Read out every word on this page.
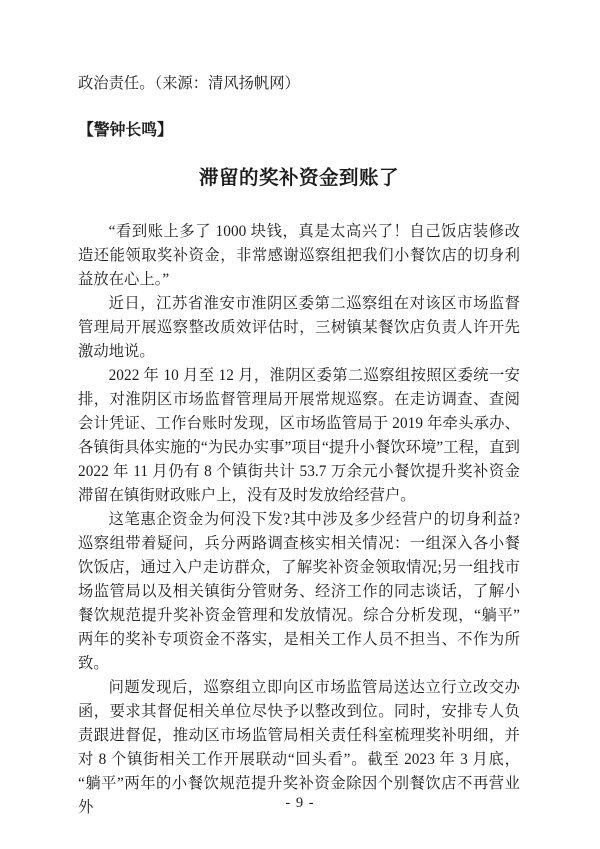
政治责任。（来源：清风扬帆网）

【警钟长鸣】

滞留的奖补资金到账了

“看到账上多了 1000 块钱，真是太高兴了！自己饭店装修改造还能领取奖补资金，非常感谢巡察组把我们小餐饮店的切身利益放在心上。”

近日，江苏省淮安市淮阴区委第二巡察组在对该区市场监督管理局开展巡察整改质效评估时，三树镇某餐饮店负责人许开先激动地说。

2022 年 10 月至 12 月，淮阴区委第二巡察组按照区委统一安排，对淮阴区市场监督管理局开展常规巡察。在走访调查、查阅会计凭证、工作台账时发现，区市场监管局于 2019 年牵头承办、各镇街具体实施的“为民办实事”项目“提升小餐饮环境”工程，直到 2022 年 11 月仍有 8 个镇街共计 53.7 万余元小餐饮提升奖补资金滞留在镇街财政账户上，没有及时发放给经营户。

这笔惠企资金为何没下发?其中涉及多少经营户的切身利益?巡察组带着疑问，兵分两路调查核实相关情况：一组深入各小餐饮饭店，通过入户走访群众，了解奖补资金领取情况;另一组找市场监管局以及相关镇街分管财务、经济工作的同志谈话，了解小餐饮规范提升奖补资金管理和发放情况。综合分析发现，“躺平”两年的奖补专项资金不落实，是相关工作人员不担当、不作为所致。

问题发现后，巡察组立即向区市场监管局送达立行立改交办函，要求其督促相关单位尽快予以整改到位。同时，安排专人负责跟进督促，推动区市场监管局相关责任科室梳理奖补明细，并对 8 个镇街相关工作开展联动“回头看”。截至 2023 年 3 月底，“躺平”两年的小餐饮规范提升奖补资金除因个别餐饮店不再营业外	- 9 -
